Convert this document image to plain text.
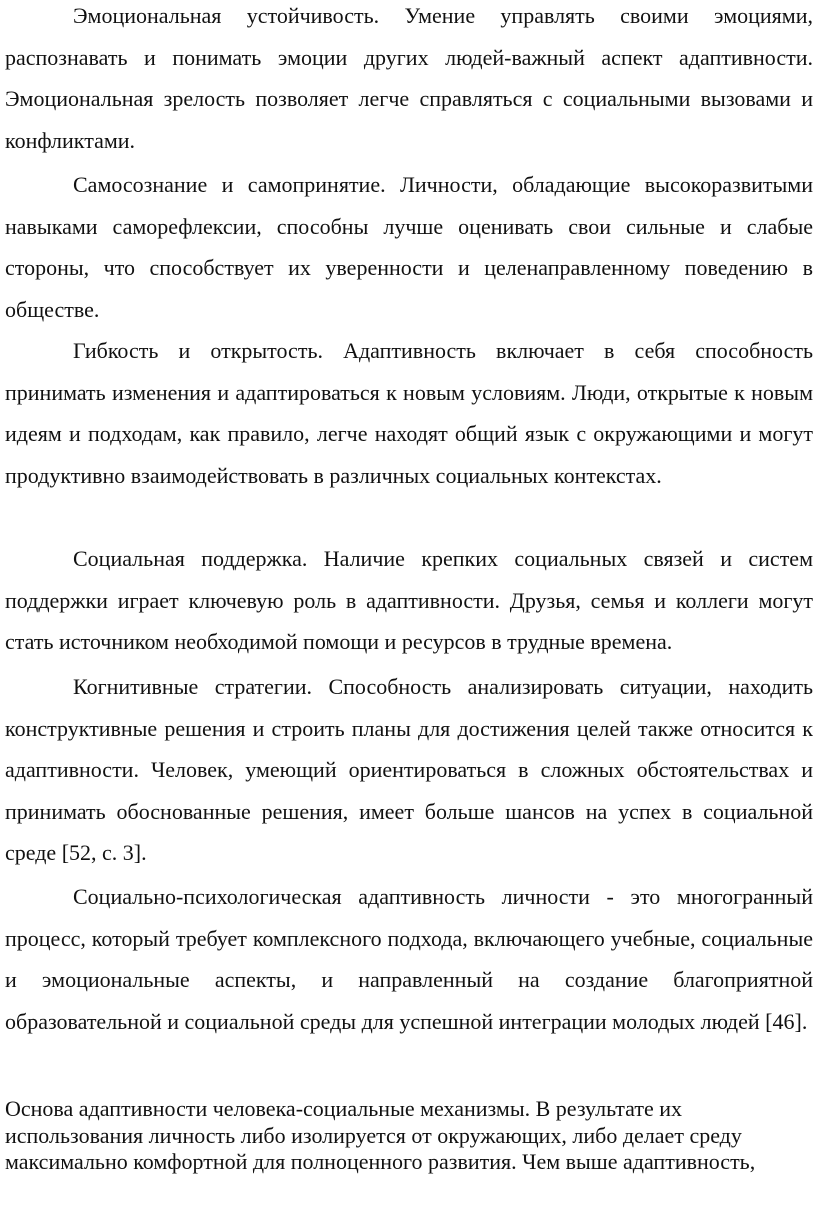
Эмоциональная устойчивость. Умение управлять своими эмоциями, распознавать и понимать эмоции других людей-важный аспект адаптивности. Эмоциональная зрелость позволяет легче справляться с социальными вызовами и конфликтами.

Самосознание и самопринятие. Личности, обладающие высокоразвитыми навыками саморефлексии, способны лучше оценивать свои сильные и слабые стороны, что способствует их уверенности и целенаправленному поведению в обществе.

Гибкость и открытость. Адаптивность включает в себя способность принимать изменения и адаптироваться к новым условиям. Люди, открытые к новым идеям и подходам, как правило, легче находят общий язык с окружающими и могут продуктивно взаимодействовать в различных социальных контекстах.

Социальная поддержка. Наличие крепких социальных связей и систем поддержки играет ключевую роль в адаптивности. Друзья, семья и коллеги могут стать источником необходимой помощи и ресурсов в трудные времена.

Когнитивные стратегии. Способность анализировать ситуации, находить конструктивные решения и строить планы для достижения целей также относится к адаптивности. Человек, умеющий ориентироваться в сложных обстоятельствах и принимать обоснованные решения, имеет больше шансов на успех в социальной среде [52, с. 3].

Социально-психологическая адаптивность личности - это многогранный процесс, который требует комплексного подхода, включающего учебные, социальные и эмоциональные аспекты, и направленный на создание благоприятной образовательной и социальной среды для успешной интеграции молодых людей [46].

Основа адаптивности человека-социальные механизмы. В результате их использования личность либо изолируется от окружающих, либо делает среду максимально комфортной для полноценного развития. Чем выше адаптивность,
